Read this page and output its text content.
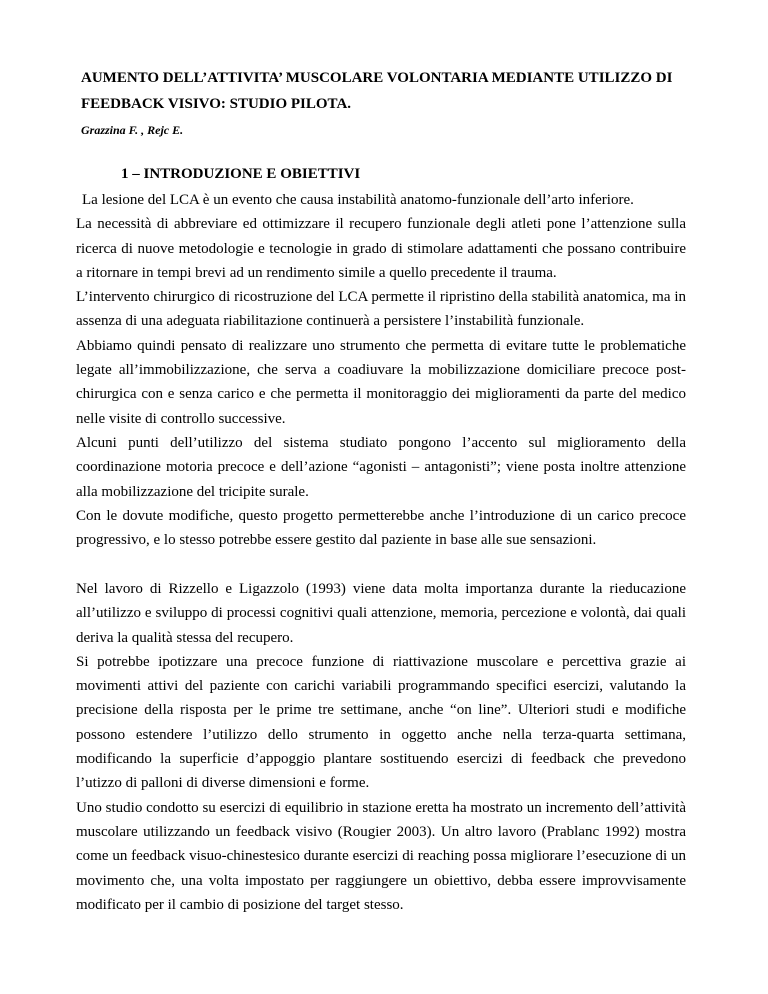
AUMENTO DELL’ATTIVITA’ MUSCOLARE VOLONTARIA MEDIANTE UTILIZZO DI
FEEDBACK VISIVO: STUDIO PILOTA.

Grazzina F. , Rejc E.

1 – INTRODUZIONE E OBIETTIVI

La lesione del LCA è un evento che causa instabilità anatomo-funzionale dell’arto inferiore.

La necessità di abbreviare ed ottimizzare il recupero funzionale degli atleti pone l’attenzione sulla ricerca di nuove metodologie e tecnologie in grado di stimolare adattamenti che possano contribuire a ritornare in tempi brevi ad un rendimento simile a quello precedente il trauma.

L’intervento chirurgico di ricostruzione del LCA permette il ripristino della stabilità anatomica, ma in assenza di una adeguata riabilitazione continuerà a persistere l’instabilità funzionale.

Abbiamo quindi pensato di realizzare uno strumento che permetta di evitare tutte le problematiche legate all’immobilizzazione, che serva a coadiuvare la mobilizzazione domiciliare precoce post-chirurgica con e senza carico e che permetta il monitoraggio dei miglioramenti da parte del medico nelle visite di controllo successive.

Alcuni punti dell’utilizzo del sistema studiato pongono l’accento sul miglioramento della coordinazione motoria precoce e dell’azione “agonisti – antagonisti”; viene posta inoltre attenzione alla mobilizzazione del tricipite surale.

Con le dovute modifiche, questo progetto permetterebbe anche l’introduzione di un carico precoce progressivo, e lo stesso potrebbe essere gestito dal paziente in base alle sue sensazioni.

Nel lavoro di Rizzello e Ligazzolo (1993) viene data molta importanza durante la rieducazione all’utilizzo e sviluppo di processi cognitivi quali attenzione, memoria, percezione e volontà, dai quali deriva la qualità stessa del recupero.

Si potrebbe ipotizzare una precoce funzione di riattivazione muscolare e percettiva grazie ai movimenti attivi del paziente con carichi variabili programmando specifici esercizi, valutando la precisione della risposta per le prime tre settimane, anche “on line”. Ulteriori studi e modifiche possono estendere l’utilizzo dello strumento in oggetto anche nella terza-quarta settimana, modificando la superficie d’appoggio plantare sostituendo esercizi di feedback che prevedono l’utizzo di palloni di diverse dimensioni e forme.

Uno studio condotto su esercizi di equilibrio in stazione eretta ha mostrato un incremento dell’attività muscolare utilizzando un feedback visivo (Rougier 2003). Un altro lavoro (Prablanc 1992) mostra come un feedback visuo-chinestesico durante esercizi di reaching possa migliorare l’esecuzione di un movimento che, una volta impostato per raggiungere un obiettivo, debba essere improvvisamente modificato per il cambio di posizione del target stesso.
